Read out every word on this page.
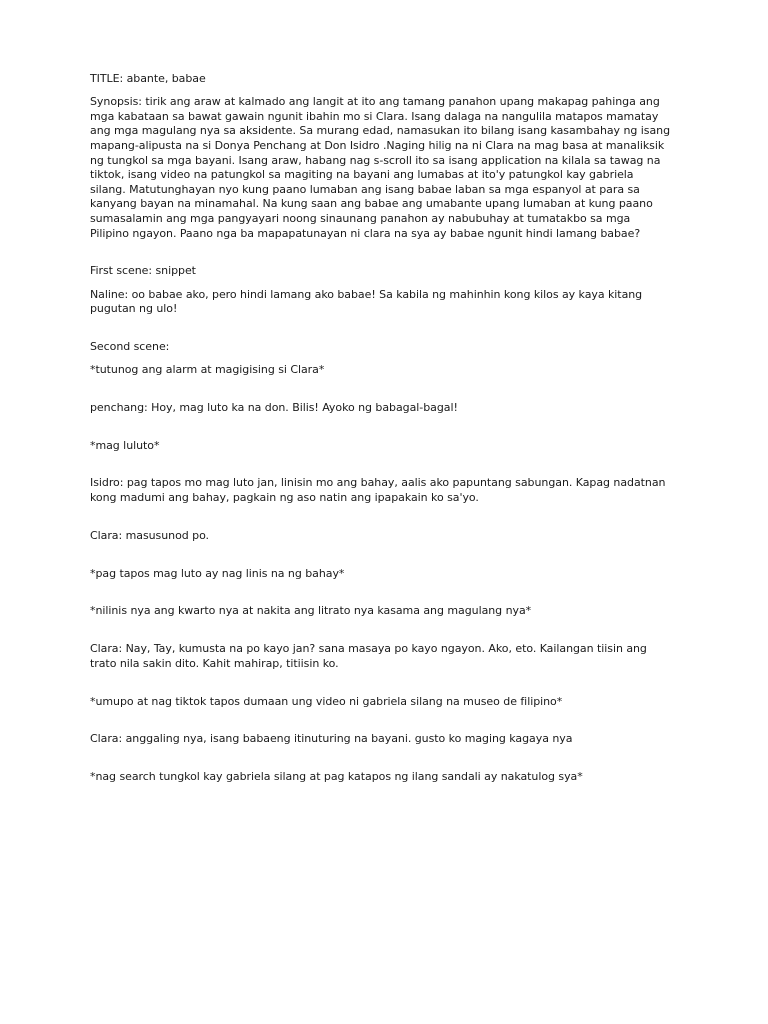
TITLE: abante, babae

Synopsis: tirik ang araw at kalmado ang langit at ito ang tamang panahon upang makapag pahinga ang mga kabataan sa bawat gawain ngunit ibahin mo si Clara. Isang dalaga na nangulila matapos mamatay ang mga magulang nya sa aksidente. Sa murang edad, namasukan ito bilang isang kasambahay ng isang mapang-alipusta na si Donya Penchang at Don Isidro .Naging hilig na ni Clara na mag basa at manaliksik ng tungkol sa mga bayani. Isang araw, habang nag s-scroll ito sa isang application na kilala sa tawag na tiktok, isang video na patungkol sa magiting na bayani ang lumabas at ito'y patungkol kay gabriela silang. Matutunghayan nyo kung paano lumaban ang isang babae laban sa mga espanyol at para sa kanyang bayan na minamahal. Na kung saan ang babae ang umabante upang lumaban at kung paano sumasalamin ang mga pangyayari noong sinaunang panahon ay nabubuhay at tumatakbo sa mga Pilipino ngayon. Paano nga ba mapapatunayan ni clara na sya ay babae ngunit hindi lamang babae?

First scene: snippet

Naline: oo babae ako, pero hindi lamang ako babae! Sa kabila ng mahinhin kong kilos ay kaya kitang pugutan ng ulo!

Second scene:

*tutunog ang alarm at magigising si Clara*

penchang: Hoy, mag luto ka na don. Bilis! Ayoko ng babagal-bagal!

*mag luluto*

Isidro: pag tapos mo mag luto jan, linisin mo ang bahay, aalis ako papuntang sabungan. Kapag nadatnan kong madumi ang bahay, pagkain ng aso natin ang ipapakain ko sa'yo.

Clara: masusunod po.

*pag tapos mag luto ay nag linis na ng bahay*

*nilinis nya ang kwarto nya at nakita ang litrato nya kasama ang magulang nya*

Clara: Nay, Tay, kumusta na po kayo jan? sana masaya po kayo ngayon. Ako, eto. Kailangan tiisin ang trato nila sakin dito. Kahit mahirap, titiisin ko.

*umupo at nag tiktok tapos dumaan ung video ni gabriela silang na museo de filipino*

Clara: anggaling nya, isang babaeng itinuturing na bayani. gusto ko maging kagaya nya

*nag search tungkol kay gabriela silang at pag katapos ng ilang sandali ay nakatulog sya*
